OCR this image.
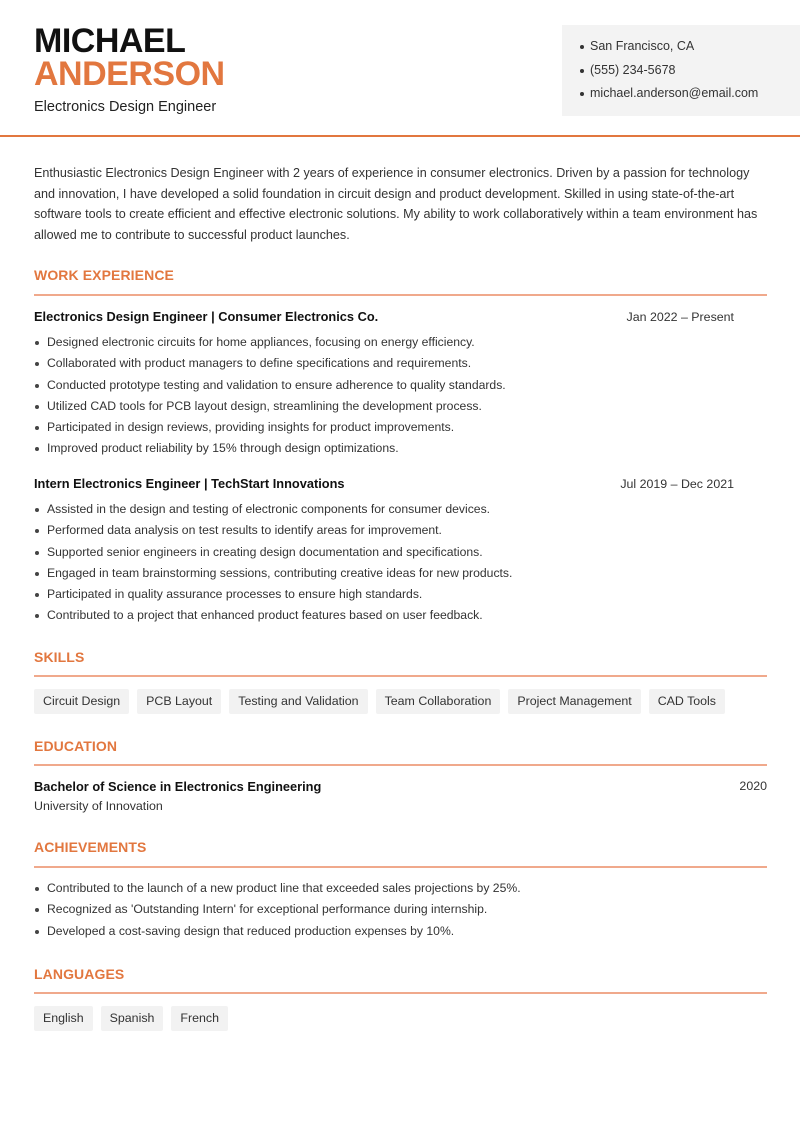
MICHAEL
ANDERSON
Electronics Design Engineer
San Francisco, CA
(555) 234-5678
michael.anderson@email.com

Enthusiastic Electronics Design Engineer with 2 years of experience in consumer electronics. Driven by a passion for technology and innovation, I have developed a solid foundation in circuit design and product development. Skilled in using state-of-the-art software tools to create efficient and effective electronic solutions. My ability to work collaboratively within a team environment has allowed me to contribute to successful product launches.

WORK EXPERIENCE
Electronics Design Engineer | Consumer Electronics Co.	Jan 2022 – Present
Designed electronic circuits for home appliances, focusing on energy efficiency.
Collaborated with product managers to define specifications and requirements.
Conducted prototype testing and validation to ensure adherence to quality standards.
Utilized CAD tools for PCB layout design, streamlining the development process.
Participated in design reviews, providing insights for product improvements.
Improved product reliability by 15% through design optimizations.
Intern Electronics Engineer | TechStart Innovations	Jul 2019 – Dec 2021
Assisted in the design and testing of electronic components for consumer devices.
Performed data analysis on test results to identify areas for improvement.
Supported senior engineers in creating design documentation and specifications.
Engaged in team brainstorming sessions, contributing creative ideas for new products.
Participated in quality assurance processes to ensure high standards.
Contributed to a project that enhanced product features based on user feedback.
SKILLS
Circuit Design	PCB Layout	Testing and Validation	Team Collaboration	Project Management	CAD Tools
EDUCATION
Bachelor of Science in Electronics Engineering	2020
University of Innovation
ACHIEVEMENTS
Contributed to the launch of a new product line that exceeded sales projections by 25%.
Recognized as 'Outstanding Intern' for exceptional performance during internship.
Developed a cost-saving design that reduced production expenses by 10%.
LANGUAGES
English	Spanish	French
